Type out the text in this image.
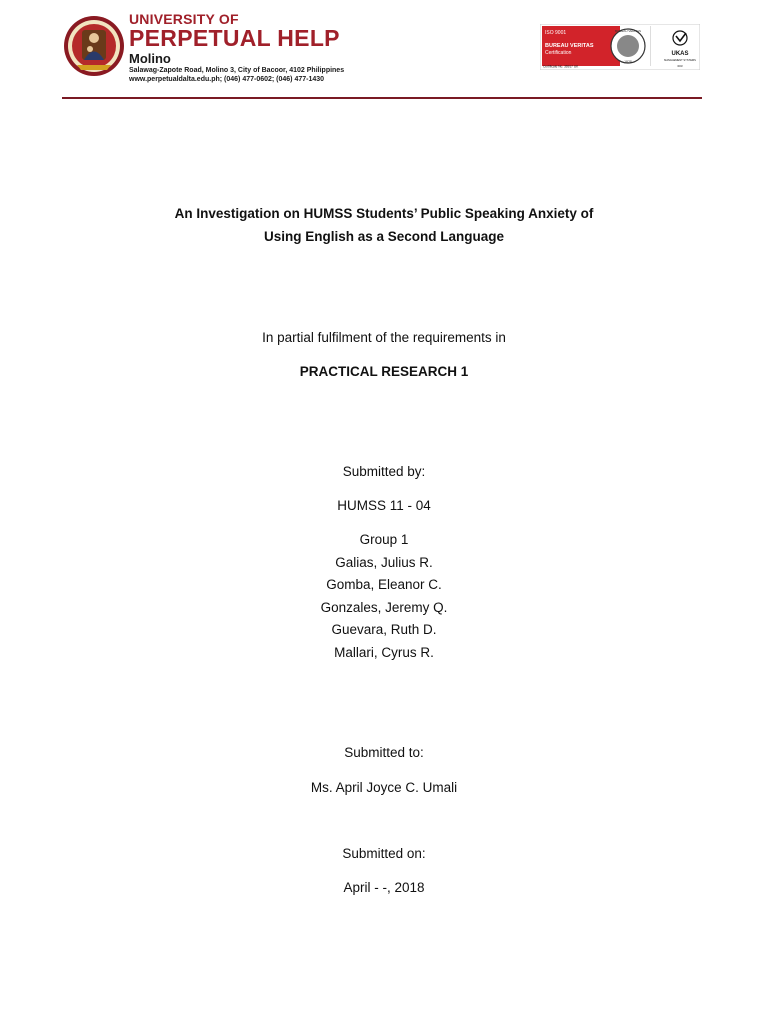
UNIVERSITY OF
PERPETUAL HELP
Molino
Salawag-Zapote Road, Molino 3, City of Bacoor, 4102 Philippines
www.perpetualdalta.edu.ph; (046) 477-0602; (046) 477-1430
ISO 9001
BUREAU VERITAS
Certification
Certificate No. 36917 UK
BUREAU VERITAS
1828
UKAS
MANAGEMENT SYSTEMS
003
An Investigation on HUMSS Students’ Public Speaking Anxiety of
Using English as a Second Language
In partial fulfilment of the requirements in
PRACTICAL RESEARCH 1
Submitted by:
HUMSS 11 - 04
Group 1
Galias, Julius R.
Gomba, Eleanor C.
Gonzales, Jeremy Q.
Guevara, Ruth D.
Mallari, Cyrus R.
Submitted to:
Ms. April Joyce C. Umali
Submitted on:
April - -, 2018
